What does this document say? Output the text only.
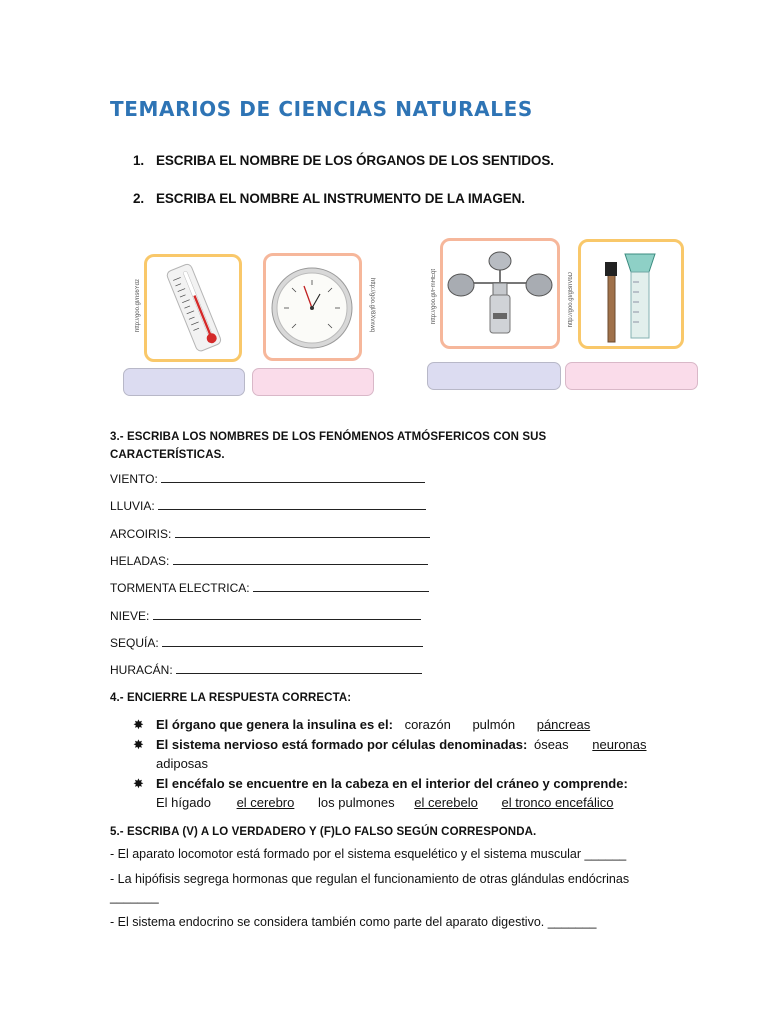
TEMARIOS DE CIENCIAS NATURALES
1. ESCRIBA EL NOMBRE DE LOS ÓRGANOS DE LOS SENTIDOS.
2. ESCRIBA EL NOMBRE AL INSTRUMENTO DE LA IMAGEN.
http://goo.gl/ns6Ydz	http://goo.gl/8Xvxwq	http://goo.gl/FmHEqt	http://goo.gl/gBnVbD
3.- ESCRIBA LOS NOMBRES DE LOS FENÓMENOS ATMÓSFERICOS CON SUS
CARACTERÍSTICAS.
VIENTO:
LLUVIA:
ARCOIRIS:
HELADAS:
TORMENTA ELECTRICA:
NIEVE:
SEQUÍA:
HURACÁN:
4.- ENCIERRE LA RESPUESTA CORRECTA:
✸ El órgano que genera la insulina es el: corazón pulmón páncreas
✸ El sistema nervioso está formado por células denominadas: óseas neuronas
adiposas
✸ El encéfalo se encuentre en la cabeza en el interior del cráneo y comprende:
El hígado el cerebro los pulmones el cerebelo el tronco encefálico
5.- ESCRIBA (V) A LO VERDADERO Y (F)LO FALSO SEGÚN CORRESPONDA.
- El aparato locomotor está formado por el sistema esquelético y el sistema muscular ______
- La hipófisis segrega hormonas que regulan el funcionamiento de otras glándulas endócrinas
_______
- El sistema endocrino se considera también como parte del aparato digestivo. _______
